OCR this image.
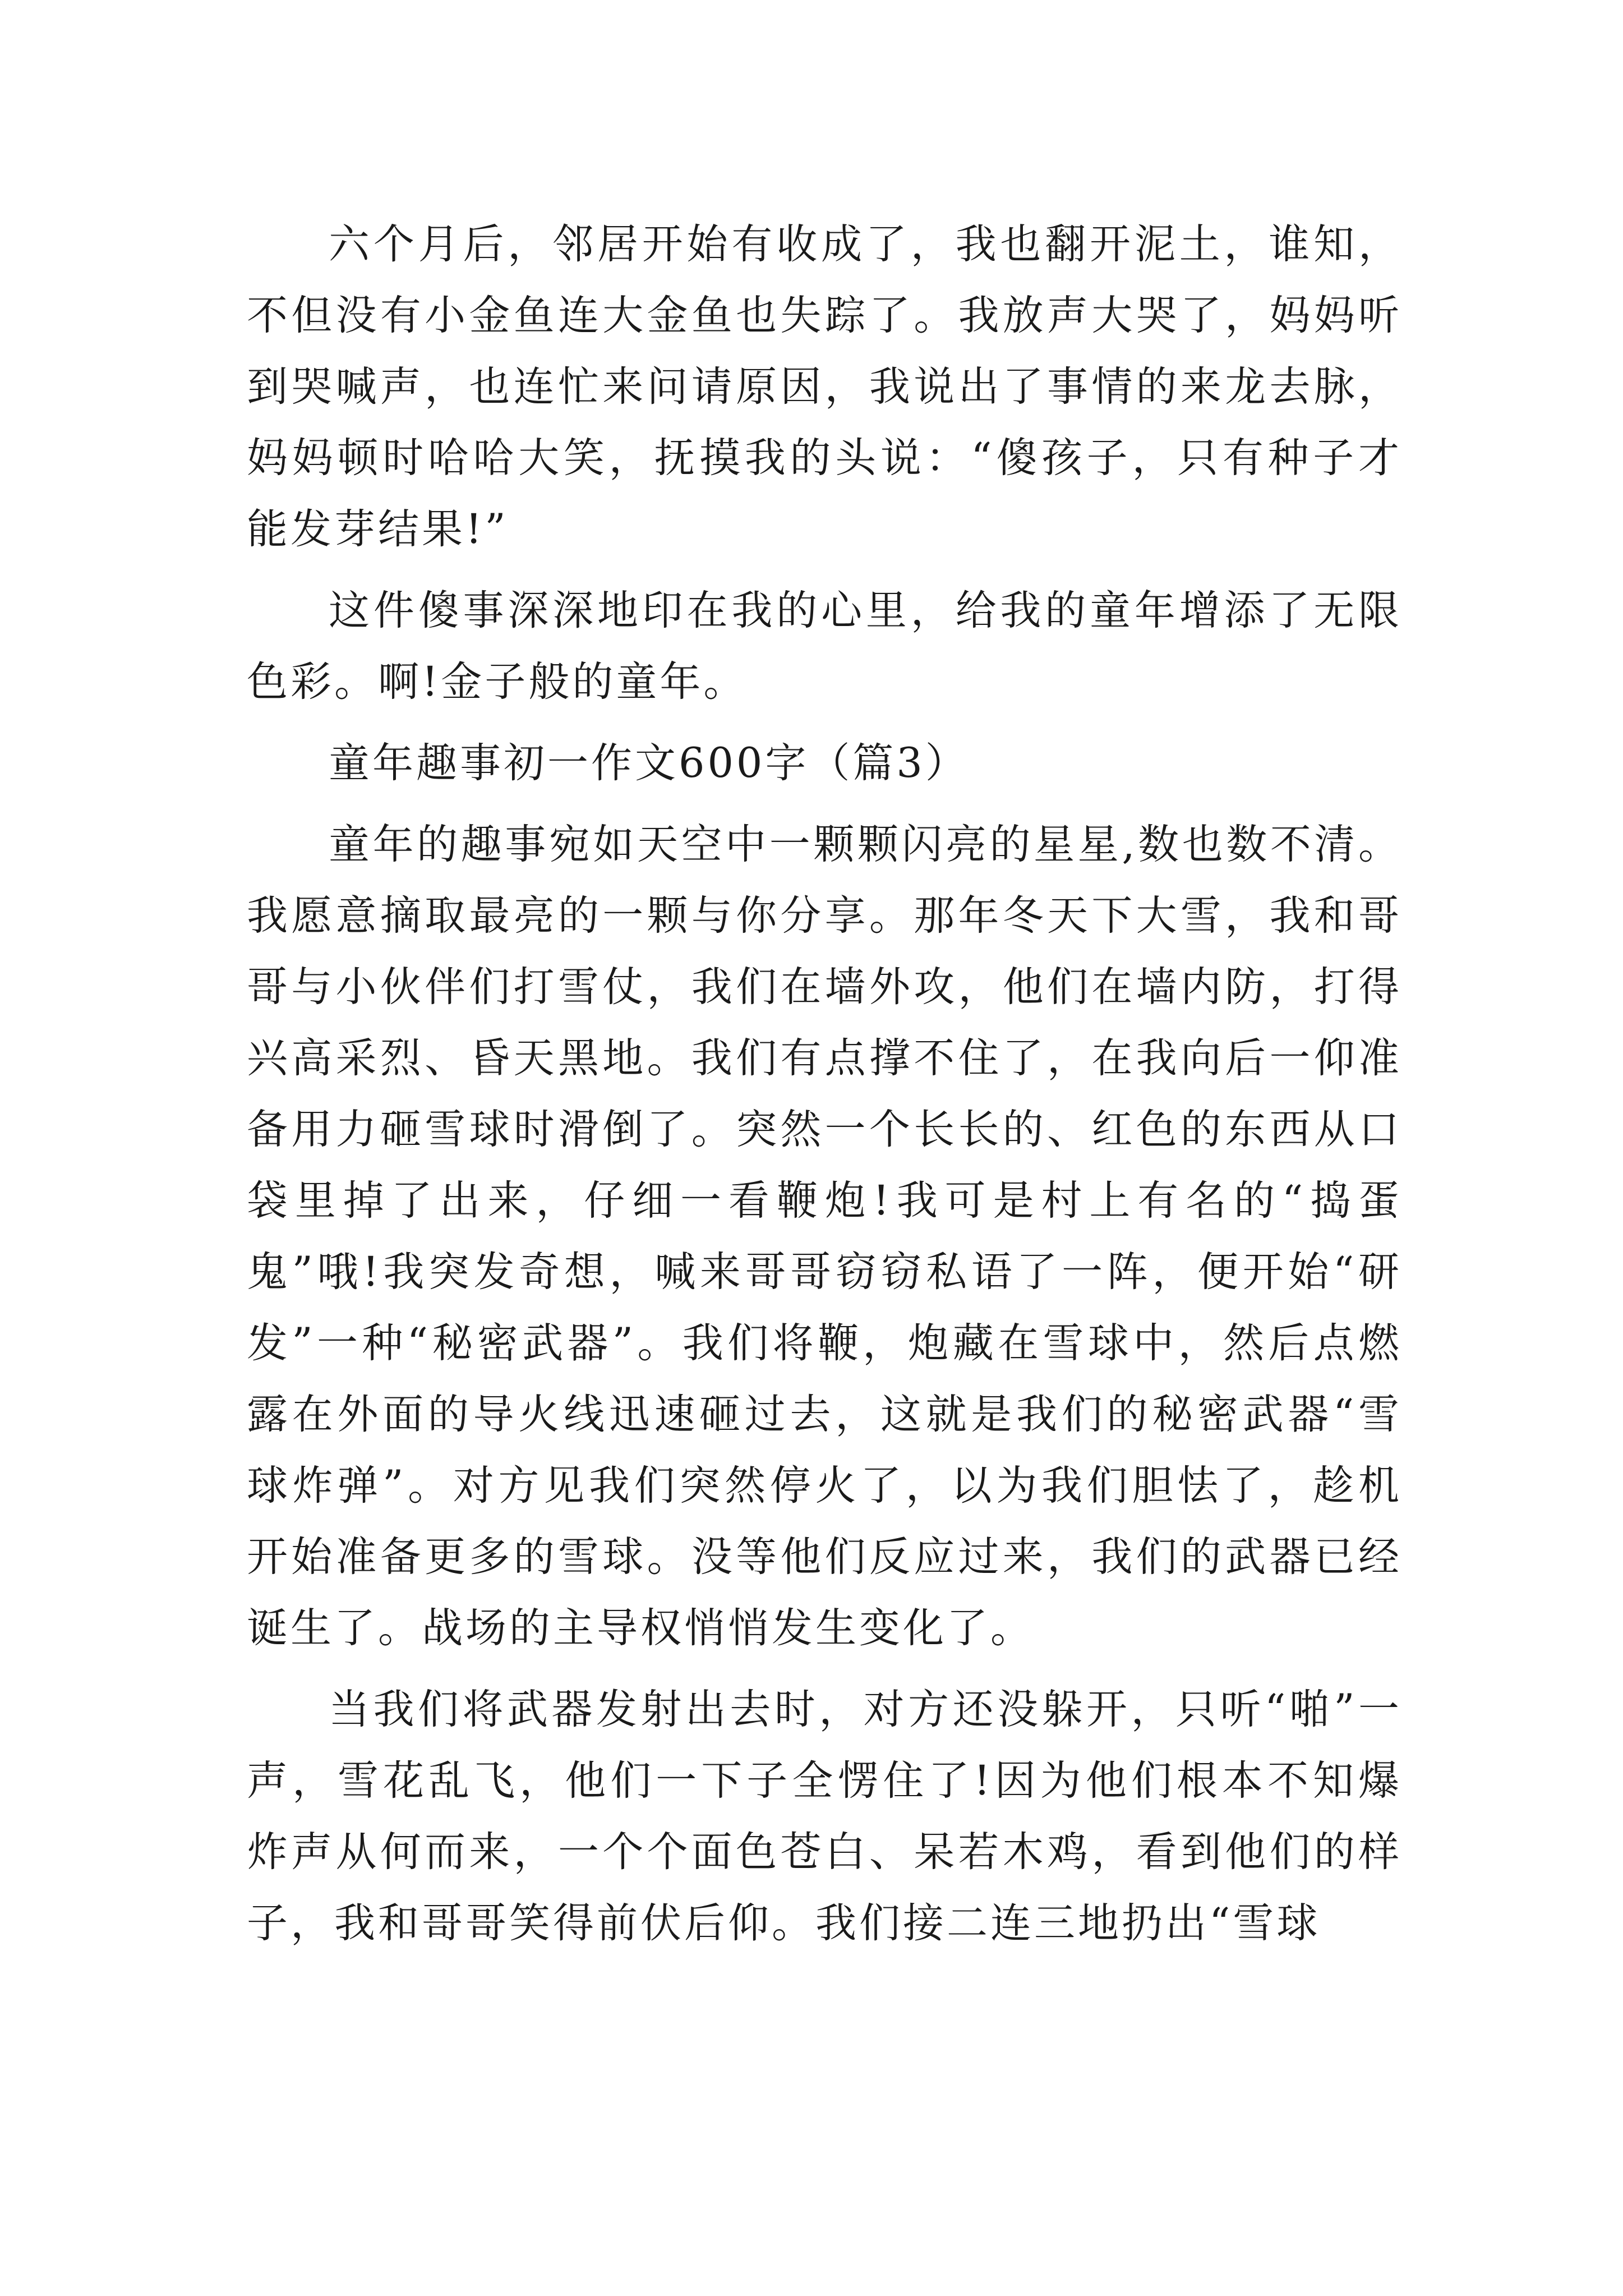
六个月后，邻居开始有收成了，我也翻开泥土，谁知，不但没有小金鱼连大金鱼也失踪了。我放声大哭了，妈妈听到哭喊声，也连忙来问请原因，我说出了事情的来龙去脉，妈妈顿时哈哈大笑，抚摸我的头说：“傻孩子，只有种子才能发芽结果!”

这件傻事深深地印在我的心里，给我的童年增添了无限色彩。啊!金子般的童年。

童年趣事初一作文600字（篇3）

童年的趣事宛如天空中一颗颗闪亮的星星,数也数不清。我愿意摘取最亮的一颗与你分享。那年冬天下大雪，我和哥哥与小伙伴们打雪仗，我们在墙外攻，他们在墙内防，打得兴高采烈、昏天黑地。我们有点撑不住了，在我向后一仰准备用力砸雪球时滑倒了。突然一个长长的、红色的东西从口袋里掉了出来，仔细一看鞭炮!我可是村上有名的“捣蛋鬼”哦!我突发奇想，喊来哥哥窃窃私语了一阵，便开始“研发”一种“秘密武器”。我们将鞭，炮藏在雪球中，然后点燃露在外面的导火线迅速砸过去，这就是我们的秘密武器“雪球炸弹”。对方见我们突然停火了，以为我们胆怯了，趁机开始准备更多的雪球。没等他们反应过来，我们的武器已经诞生了。战场的主导权悄悄发生变化了。

当我们将武器发射出去时，对方还没躲开，只听“啪”一声，雪花乱飞，他们一下子全愣住了!因为他们根本不知爆炸声从何而来，一个个面色苍白、呆若木鸡，看到他们的样子，我和哥哥笑得前伏后仰。我们接二连三地扔出“雪球
